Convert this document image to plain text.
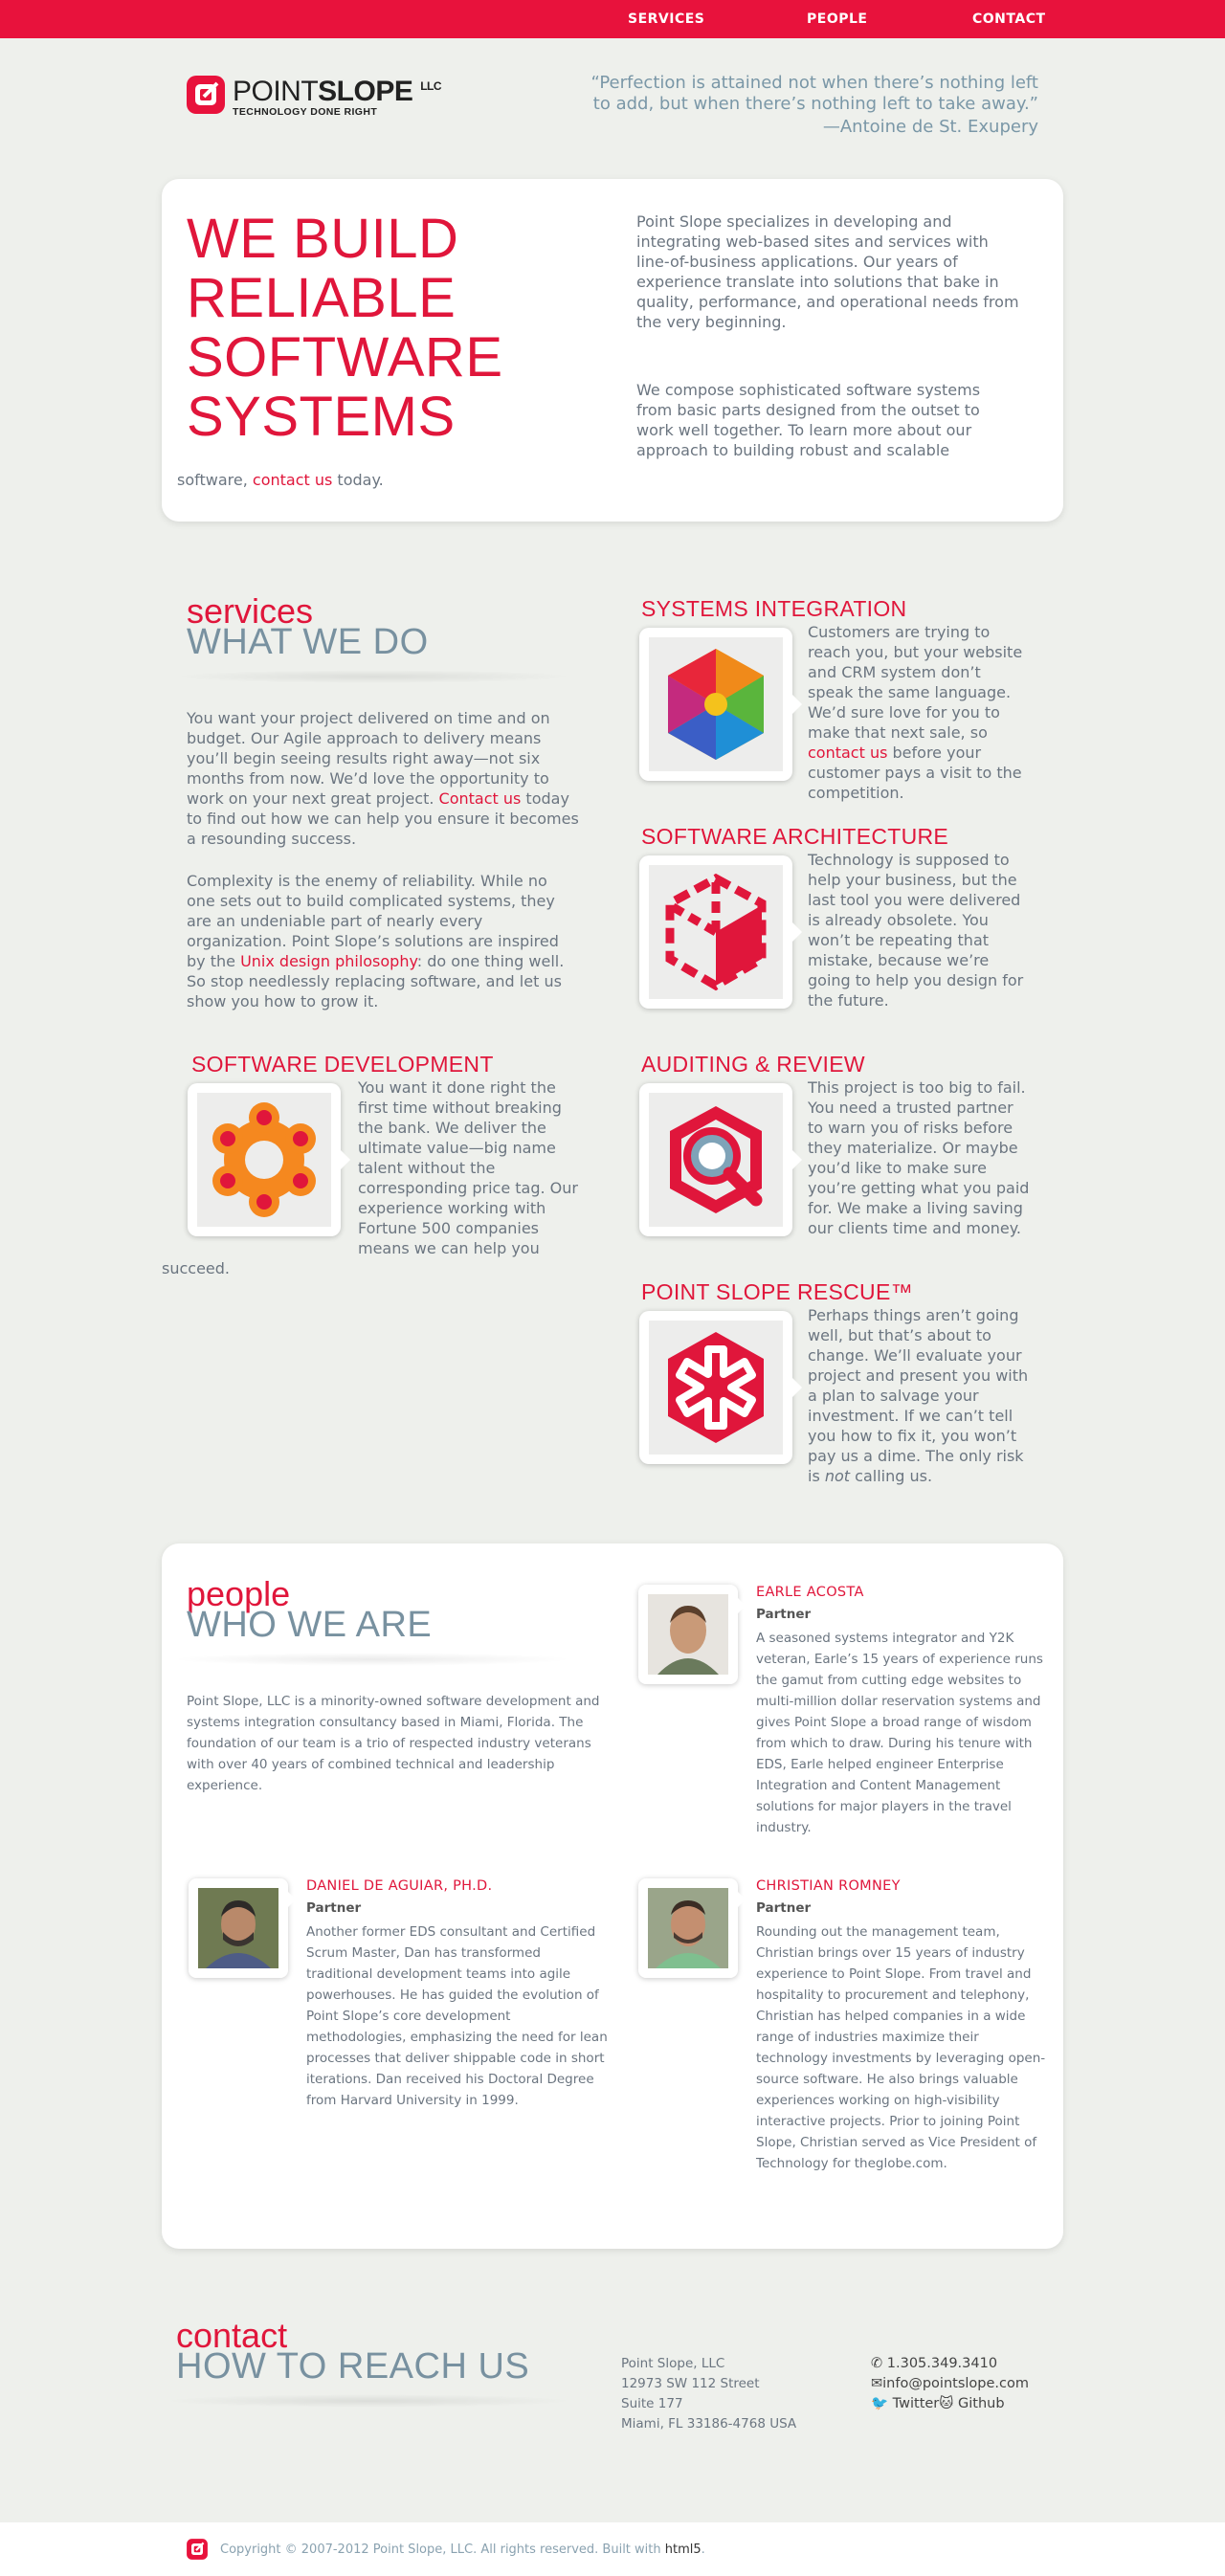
SERVICES	PEOPLE	CONTACT
POINTSLOPE $^{LLC}$
TECHNOLOGY DONE RIGHT
“Perfection is attained not when there’s nothing left to add, but when there’s nothing left to take away.”
—Antoine de St. Exupery
WE BUILD RELIABLE SOFTWARE SYSTEMS

Point Slope specializes in developing and integrating web-based sites and services with line-of-business applications. Our years of experience translate into solutions that bake in quality, performance, and operational needs from the very beginning.

We compose sophisticated software systems from basic parts designed from the outset to work well together. To learn more about our approach to building robust and scalable

software, contact us today.

services
WHAT WE DO

You want your project delivered on time and on budget. Our Agile approach to delivery means you’ll begin seeing results right away—not six months from now. We’d love the opportunity to work on your next great project. Contact us today to find out how we can help you ensure it becomes a resounding success.

Complexity is the enemy of reliability. While no one sets out to build complicated systems, they are an undeniable part of nearly every organization. Point Slope’s solutions are inspired by the Unix design philosophy: do one thing well. So stop needlessly replacing software, and let us show you how to grow it.

SYSTEMS INTEGRATION

Customers are trying to reach you, but your website and CRM system don’t speak the same language. We’d sure love for you to make that next sale, so contact us before your customer pays a visit to the competition.

SOFTWARE ARCHITECTURE

Technology is supposed to help your business, but the last tool you were delivered is already obsolete. You won’t be repeating that mistake, because we’re going to help you design for the future.

SOFTWARE DEVELOPMENT

You want it done right the first time without breaking the bank. We deliver the ultimate value—big name talent without the corresponding price tag. Our experience working with Fortune 500 companies means we can help you

succeed.

AUDITING & REVIEW

This project is too big to fail. You need a trusted partner to warn you of risks before they materialize. Or maybe you’d like to make sure you’re getting what you paid for. We make a living saving our clients time and money.

POINT SLOPE RESCUE™

Perhaps things aren’t going well, but that’s about to change. We’ll evaluate your project and present you with a plan to salvage your investment. If we can’t tell you how to fix it, you won’t pay us a dime. The only risk is not calling us.

people
WHO WE ARE

Point Slope, LLC is a minority-owned software development and systems integration consultancy based in Miami, Florida. The foundation of our team is a trio of respected industry veterans with over 40 years of combined technical and leadership experience.

EARLE ACOSTA
Partner

A seasoned systems integrator and Y2K veteran, Earle’s 15 years of experience runs the gamut from cutting edge websites to multi-million dollar reservation systems and gives Point Slope a broad range of wisdom from which to draw. During his tenure with EDS, Earle helped engineer Enterprise Integration and Content Management solutions for major players in the travel industry.

DANIEL DE AGUIAR, PH.D.
Partner

Another former EDS consultant and Certified Scrum Master, Dan has transformed traditional development teams into agile powerhouses. He has guided the evolution of Point Slope’s core development methodologies, emphasizing the need for lean processes that deliver shippable code in short iterations. Dan received his Doctoral Degree from Harvard University in 1999.

CHRISTIAN ROMNEY
Partner

Rounding out the management team, Christian brings over 15 years of industry experience to Point Slope. From travel and hospitality to procurement and telephony, Christian has helped companies in a wide range of industries maximize their technology investments by leveraging open-source software. He also brings valuable experiences working on high-visibility interactive projects. Prior to joining Point Slope, Christian served as Vice President of Technology for theglobe.com.

contact
HOW TO REACH US	Point Slope, LLC
12973 SW 112 Street
Suite 177
Miami, FL 33186-4768 USA
✆ 1.305.349.3410
✉info@pointslope.com
🐦 Twitter🐱 Github
Copyright © 2007-2012 Point Slope, LLC. All rights reserved. Built with html5.
